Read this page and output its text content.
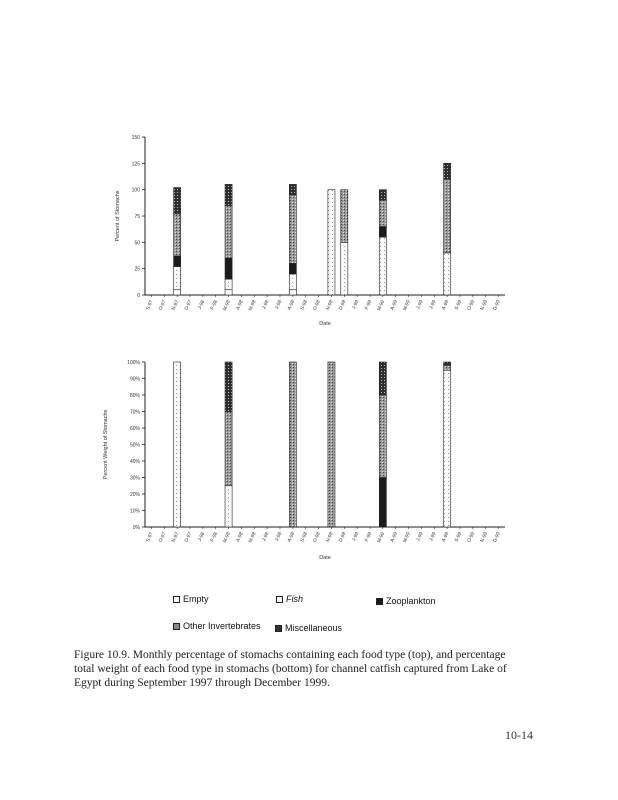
0
25
50
75
100
125
150
Percent of Stomachs
S-97 O-97 N-97 D-97 J-98 F-98 M-98 A-98 M-98 J-98 J-98 A-98 S-98 O-98 N-98 D-98 J-99 F-99 M-99 A-99 M-99 J-99 J-99 A-99 S-99 O-99 N-99 D-99
Date
0%
10%
20%
30%
40%
50%
60%
70%
80%
90%
100%
Percent Weight of Stomachs
S-97 O-97 N-97 D-97 J-98 F-98 M-98 A-98 M-98 J-98 J-98 A-98 S-98 O-98 N-98 D-98 J-99 F-99 M-99 A-99 M-99 J-99 J-99 A-99 S-99 O-99 N-99 D-99
Date
Empty	Fish	Zooplankton
Other Invertebrates	Miscellaneous

Figure 10.9. Monthly percentage of stomachs containing each food type (top), and percentage total weight of each food type in stomachs (bottom) for channel catfish captured from Lake of Egypt during September 1997 through December 1999.

10-14
